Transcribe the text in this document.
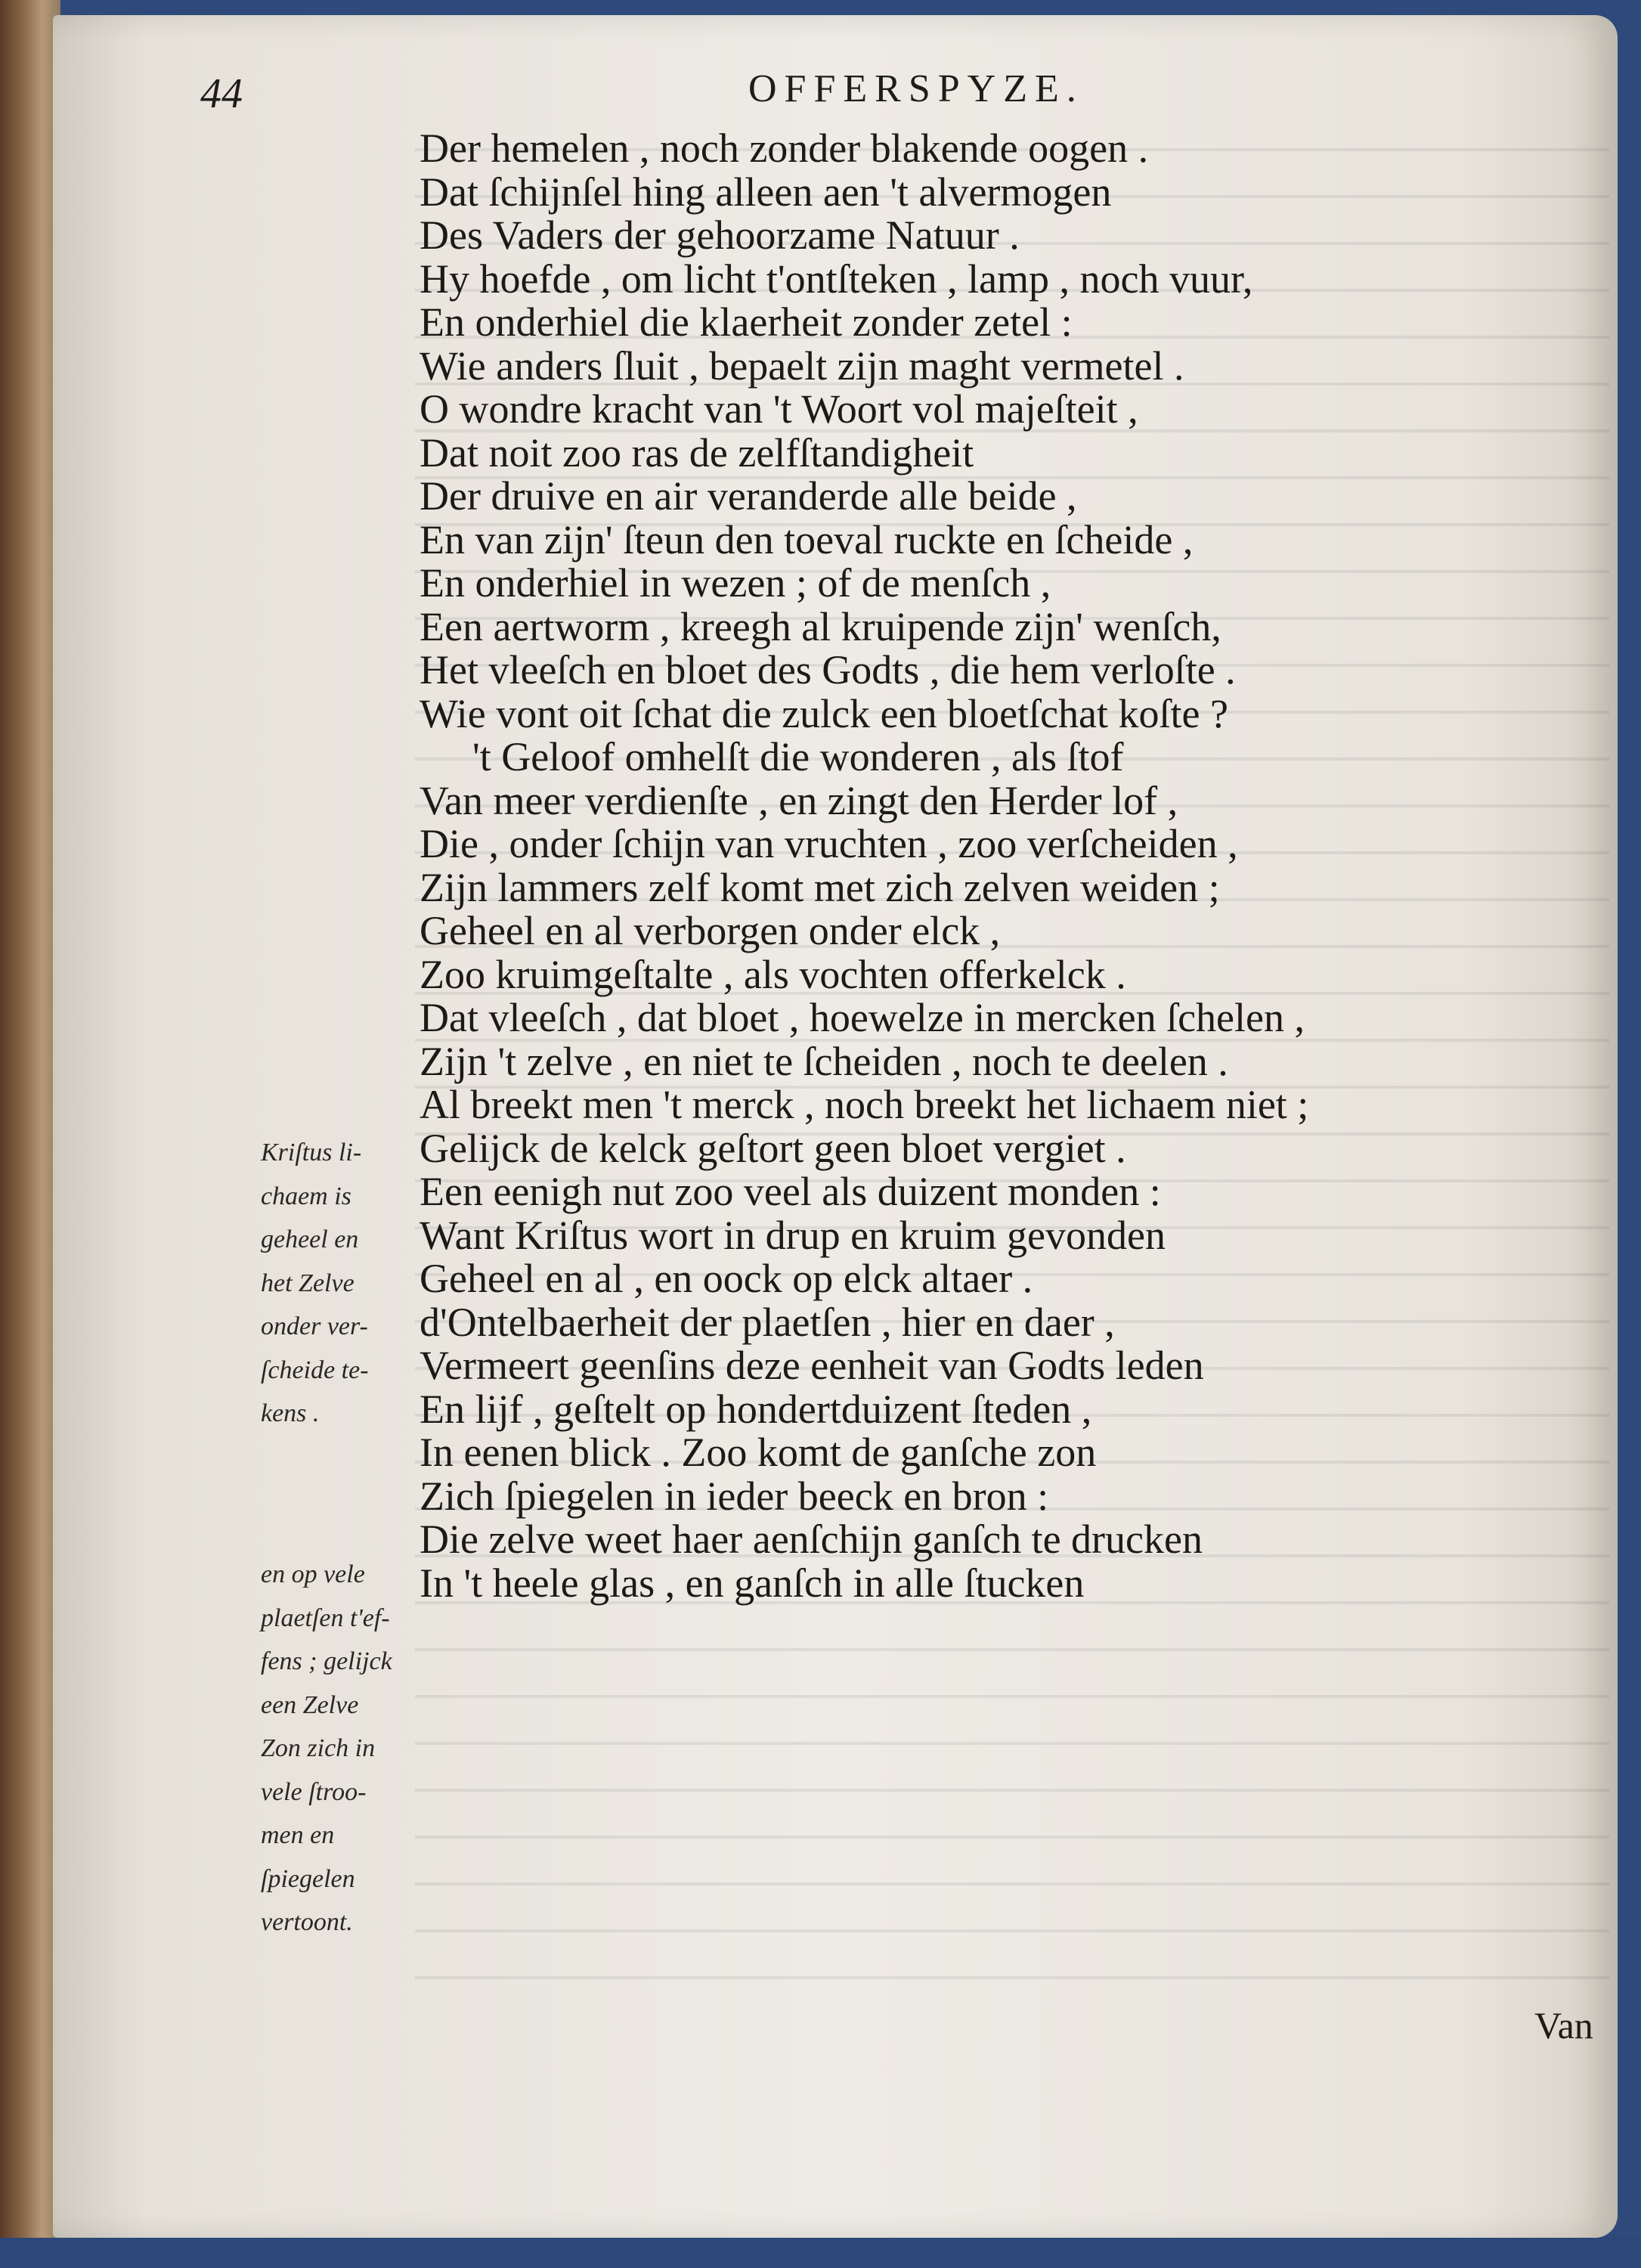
44	OFFERSPYZE.
Der hemelen , noch zonder blakende oogen .
Dat ſchijnſel hing alleen aen 't alvermogen
Des Vaders der gehoorzame Natuur .
Hy hoefde , om licht t'ontſteken , lamp , noch vuur,
En onderhiel die klaerheit zonder zetel :
Wie anders ſluit , bepaelt zijn maght vermetel .
O wondre kracht van 't Woort vol majeſteit ,
Dat noit zoo ras de zelfſtandigheit
Der druive en air veranderde alle beide ,
En van zijn' ſteun den toeval ruckte en ſcheide ,
En onderhiel in wezen ; of de menſch ,
Een aertworm , kreegh al kruipende zijn' wenſch,
Het vleeſch en bloet des Godts , die hem verloſte .
Wie vont oit ſchat die zulck een bloetſchat koſte ?
't Geloof omhelſt die wonderen , als ſtof
Van meer verdienſte , en zingt den Herder lof ,
Die , onder ſchijn van vruchten , zoo verſcheiden ,
Zijn lammers zelf komt met zich zelven weiden ;
Geheel en al verborgen onder elck ,
Zoo kruimgeſtalte , als vochten offerkelck .
Dat vleeſch , dat bloet , hoewelze in mercken ſchelen ,
Zijn 't zelve , en niet te ſcheiden , noch te deelen .
Al breekt men 't merck , noch breekt het lichaem niet ;
Gelijck de kelck geſtort geen bloet vergiet .
Een eenigh nut zoo veel als duizent monden :
Want Kriſtus wort in drup en kruim gevonden
Geheel en al , en oock op elck altaer .
d'Ontelbaerheit der plaetſen , hier en daer ,
Vermeert geenſins deze eenheit van Godts leden
En lijf , geſtelt op hondertduizent ſteden ,
In eenen blick . Zoo komt de ganſche zon
Zich ſpiegelen in ieder beeck en bron :
Die zelve weet haer aenſchijn ganſch te drucken
In 't heele glas , en ganſch in alle ſtucken
Kriſtus li-
chaem is
geheel en
het Zelve
onder ver-
ſcheide te-
kens .
en op vele
plaetſen t'ef-
fens ; gelijck
een Zelve
Zon zich in
vele ſtroo-
men en
ſpiegelen
vertoont.
Van
